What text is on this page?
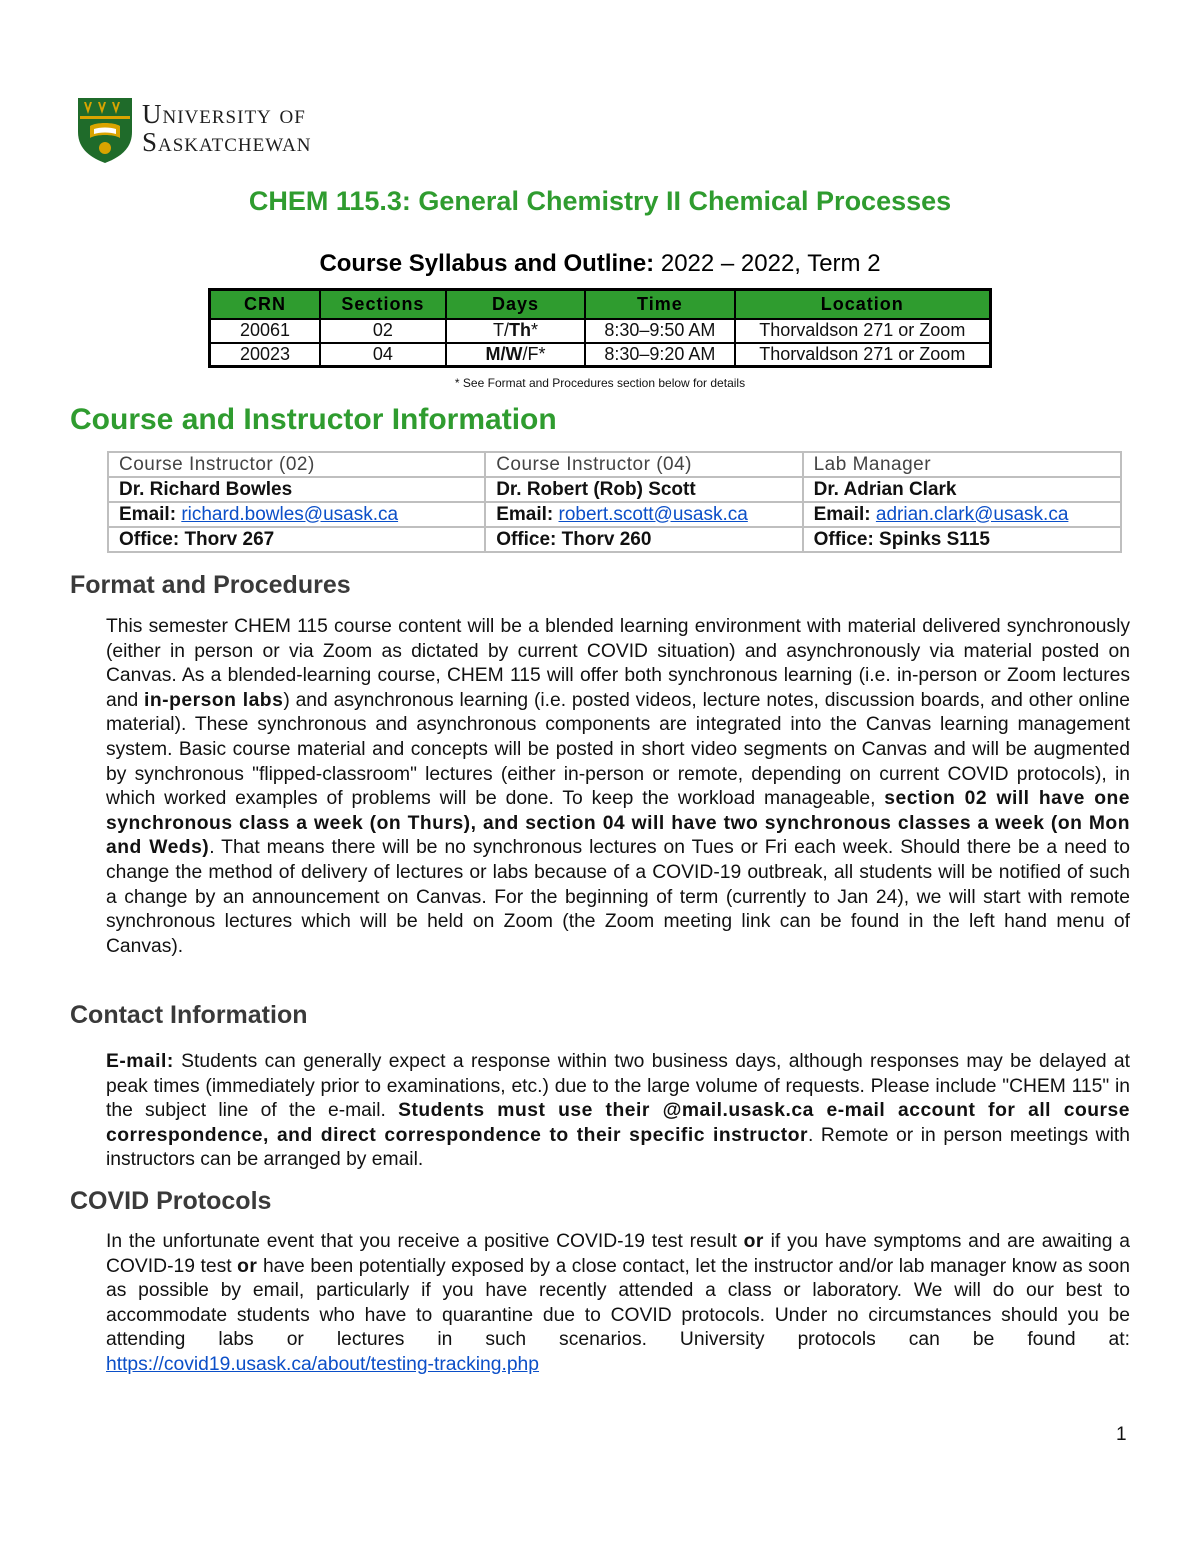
University of
Saskatchewan
CHEM 115.3: General Chemistry II Chemical Processes
Course Syllabus and Outline: 2022 – 2022, Term 2
CRN	Sections	Days	Time	Location
20061	02	T/Th*	8:30–9:50 AM	Thorvaldson 271 or Zoom
20023	04	M/W/F*	8:30–9:20 AM	Thorvaldson 271 or Zoom
* See Format and Procedures section below for details
Course and Instructor Information
Course Instructor (02)	Course Instructor (04)	Lab Manager
Dr. Richard Bowles	Dr. Robert (Rob) Scott	Dr. Adrian Clark
Email: richard.bowles@usask.ca	Email: robert.scott@usask.ca	Email: adrian.clark@usask.ca
Office: Thorv 267	Office: Thorv 260	Office: Spinks S115
Format and Procedures

This semester CHEM 115 course content will be a blended learning environment with material delivered synchronously (either in person or via Zoom as dictated by current COVID situation) and asynchronously via material posted on Canvas. As a blended-learning course, CHEM 115 will offer both synchronous learning (i.e. in-person or Zoom lectures and in-person labs) and asynchronous learning (i.e. posted videos, lecture notes, discussion boards, and other online material). These synchronous and asynchronous components are integrated into the Canvas learning management system. Basic course material and concepts will be posted in short video segments on Canvas and will be augmented by synchronous "flipped-classroom" lectures (either in-person or remote, depending on current COVID protocols), in which worked examples of problems will be done. To keep the workload manageable, section 02 will have one synchronous class a week (on Thurs), and section 04 will have two synchronous classes a week (on Mon and Weds). That means there will be no synchronous lectures on Tues or Fri each week. Should there be a need to change the method of delivery of lectures or labs because of a COVID-19 outbreak, all students will be notified of such a change by an announcement on Canvas. For the beginning of term (currently to Jan 24), we will start with remote synchronous lectures which will be held on Zoom (the Zoom meeting link can be found in the left hand menu of Canvas).

Contact Information

E-mail: Students can generally expect a response within two business days, although responses may be delayed at peak times (immediately prior to examinations, etc.) due to the large volume of requests. Please include "CHEM 115" in the subject line of the e-mail. Students must use their @mail.usask.ca e-mail account for all course correspondence, and direct correspondence to their specific instructor. Remote or in person meetings with instructors can be arranged by email.

COVID Protocols

In the unfortunate event that you receive a positive COVID-19 test result or if you have symptoms and are awaiting a COVID-19 test or have been potentially exposed by a close contact, let the instructor and/or lab manager know as soon as possible by email, particularly if you have recently attended a class or laboratory. We will do our best to accommodate students who have to quarantine due to COVID protocols. Under no circumstances should you be attending labs or lectures in such scenarios. University protocols can be found at: https://covid19.usask.ca/about/testing-tracking.php

1
